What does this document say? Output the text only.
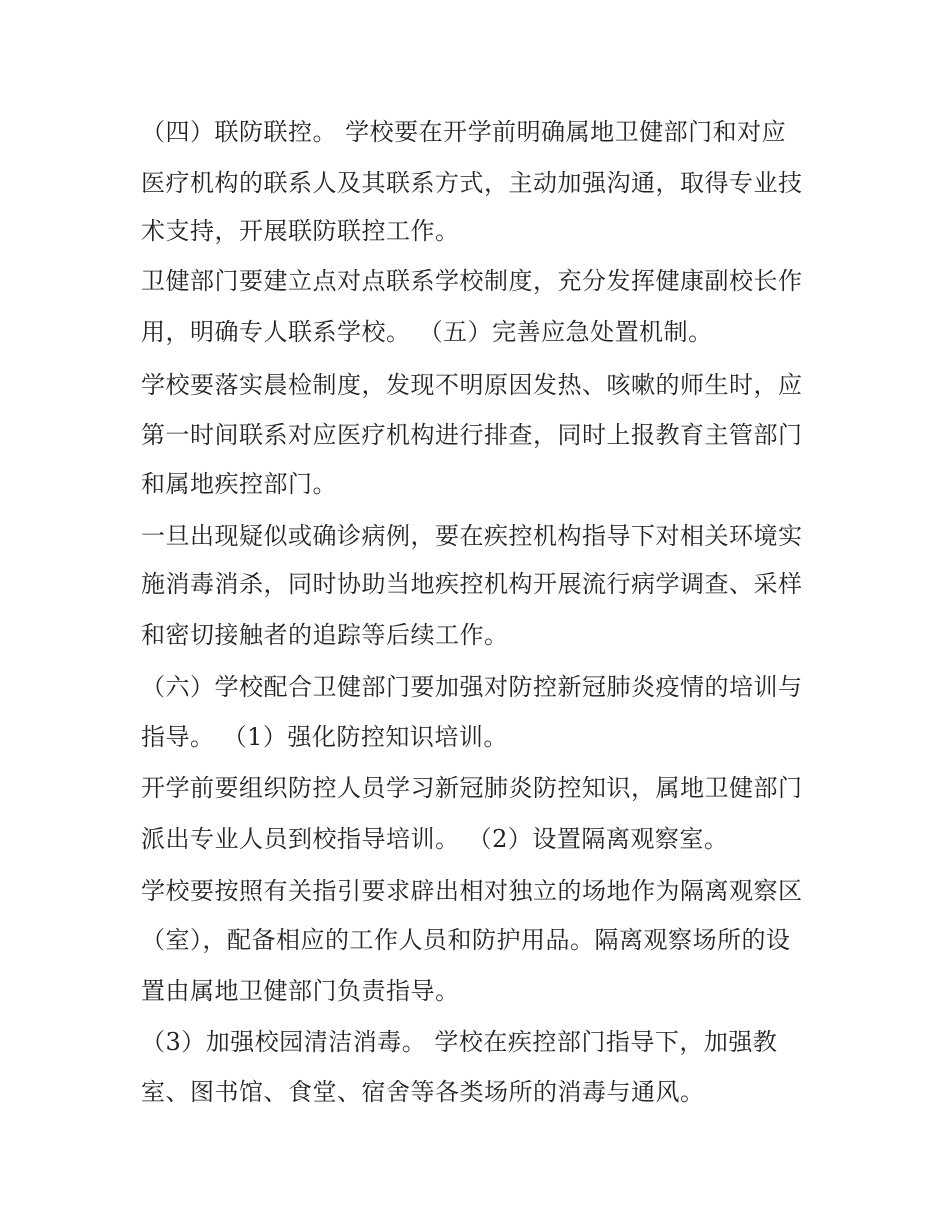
（四）联防联控。 学校要在开学前明确属地卫健部门和对应
医疗机构的联系人及其联系方式，主动加强沟通，取得专业技
术支持，开展联防联控工作。
卫健部门要建立点对点联系学校制度，充分发挥健康副校长作
用，明确专人联系学校。 （五）完善应急处置机制。
学校要落实晨检制度，发现不明原因发热、咳嗽的师生时，应
第一时间联系对应医疗机构进行排查，同时上报教育主管部门
和属地疾控部门。
一旦出现疑似或确诊病例，要在疾控机构指导下对相关环境实
施消毒消杀，同时协助当地疾控机构开展流行病学调查、采样
和密切接触者的追踪等后续工作。
（六）学校配合卫健部门要加强对防控新冠肺炎疫情的培训与
指导。 （1）强化防控知识培训。
开学前要组织防控人员学习新冠肺炎防控知识，属地卫健部门
派出专业人员到校指导培训。 （2）设置隔离观察室。
学校要按照有关指引要求辟出相对独立的场地作为隔离观察区
（室），配备相应的工作人员和防护用品。隔离观察场所的设
置由属地卫健部门负责指导。
（3）加强校园清洁消毒。 学校在疾控部门指导下，加强教
室、图书馆、食堂、宿舍等各类场所的消毒与通风。
